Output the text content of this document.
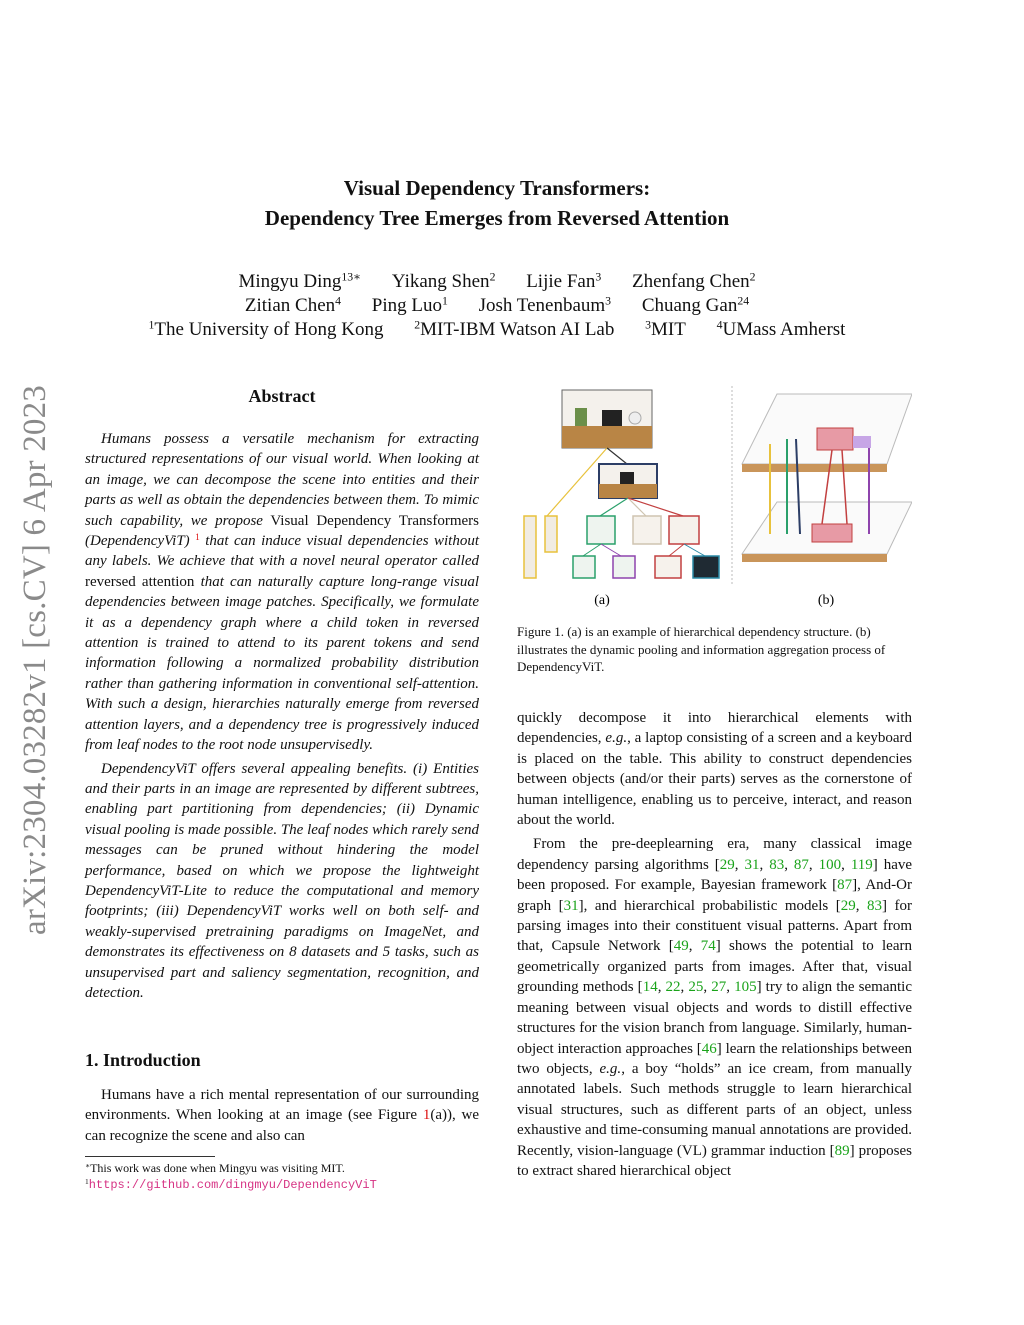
arXiv:2304.03282v1 [cs.CV] 6 Apr 2023
Visual Dependency Transformers:
Dependency Tree Emerges from Reversed Attention
Mingyu Ding$^{13∗}$ Yikang Shen$^2$ Lijie Fan$^3$ Zhenfang Chen$^2$
Zitian Chen$^4$ Ping Luo$^1$ Josh Tenenbaum$^3$ Chuang Gan$^{24}$
$^1$The University of Hong Kong	$^2$MIT-IBM Watson AI Lab	$^3$MIT	$^4$UMass Amherst
Abstract

Humans possess a versatile mechanism for extracting structured representations of our visual world. When looking at an image, we can decompose the scene into entities and their parts as well as obtain the dependencies between them. To mimic such capability, we propose Visual Dependency Transformers (DependencyViT) $^1$ that can induce visual dependencies without any labels. We achieve that with a novel neural operator called reversed attention that can naturally capture long-range visual dependencies between image patches. Specifically, we formulate it as a dependency graph where a child token in reversed attention is trained to attend to its parent tokens and send information following a normalized probability distribution rather than gathering information in conventional self-attention. With such a design, hierarchies naturally emerge from reversed attention layers, and a dependency tree is progressively induced from leaf nodes to the root node unsupervisedly.

DependencyViT offers several appealing benefits. (i) Entities and their parts in an image are represented by different subtrees, enabling part partitioning from dependencies; (ii) Dynamic visual pooling is made possible. The leaf nodes which rarely send messages can be pruned without hindering the model performance, based on which we propose the lightweight DependencyViT-Lite to reduce the computational and memory footprints; (iii) DependencyViT works well on both self- and weakly-supervised pretraining paradigms on ImageNet, and demonstrates its effectiveness on 8 datasets and 5 tasks, such as unsupervised part and saliency segmentation, recognition, and detection.

1. Introduction

Humans have a rich mental representation of our surrounding environments. When looking at an image (see Figure 1(a)), we can recognize the scene and also can

∗This work was done when Mingyu was visiting MIT.
$^1$https://github.com/dingmyu/DependencyViT
(a)	(b)
Figure 1. (a) is an example of hierarchical dependency structure. (b) illustrates the dynamic pooling and information aggregation process of DependencyViT.

quickly decompose it into hierarchical elements with dependencies, e.g., a laptop consisting of a screen and a keyboard is placed on the table. This ability to construct dependencies between objects (and/or their parts) serves as the cornerstone of human intelligence, enabling us to perceive, interact, and reason about the world.

From the pre-deeplearning era, many classical image dependency parsing algorithms [29, 31, 83, 87, 100, 119] have been proposed. For example, Bayesian framework [87], And-Or graph [31], and hierarchical probabilistic models [29, 83] for parsing images into their constituent visual patterns. Apart from that, Capsule Network [49, 74] shows the potential to learn geometrically organized parts from images. After that, visual grounding methods [14, 22, 25, 27, 105] try to align the semantic meaning between visual objects and words to distill effective structures for the vision branch from language. Similarly, human-object interaction approaches [46] learn the relationships between two objects, e.g., a boy “holds” an ice cream, from manually annotated labels. Such methods struggle to learn hierarchical visual structures, such as different parts of an object, unless exhaustive and time-consuming manual annotations are provided. Recently, vision-language (VL) grammar induction [89] proposes to extract shared hierarchical object
